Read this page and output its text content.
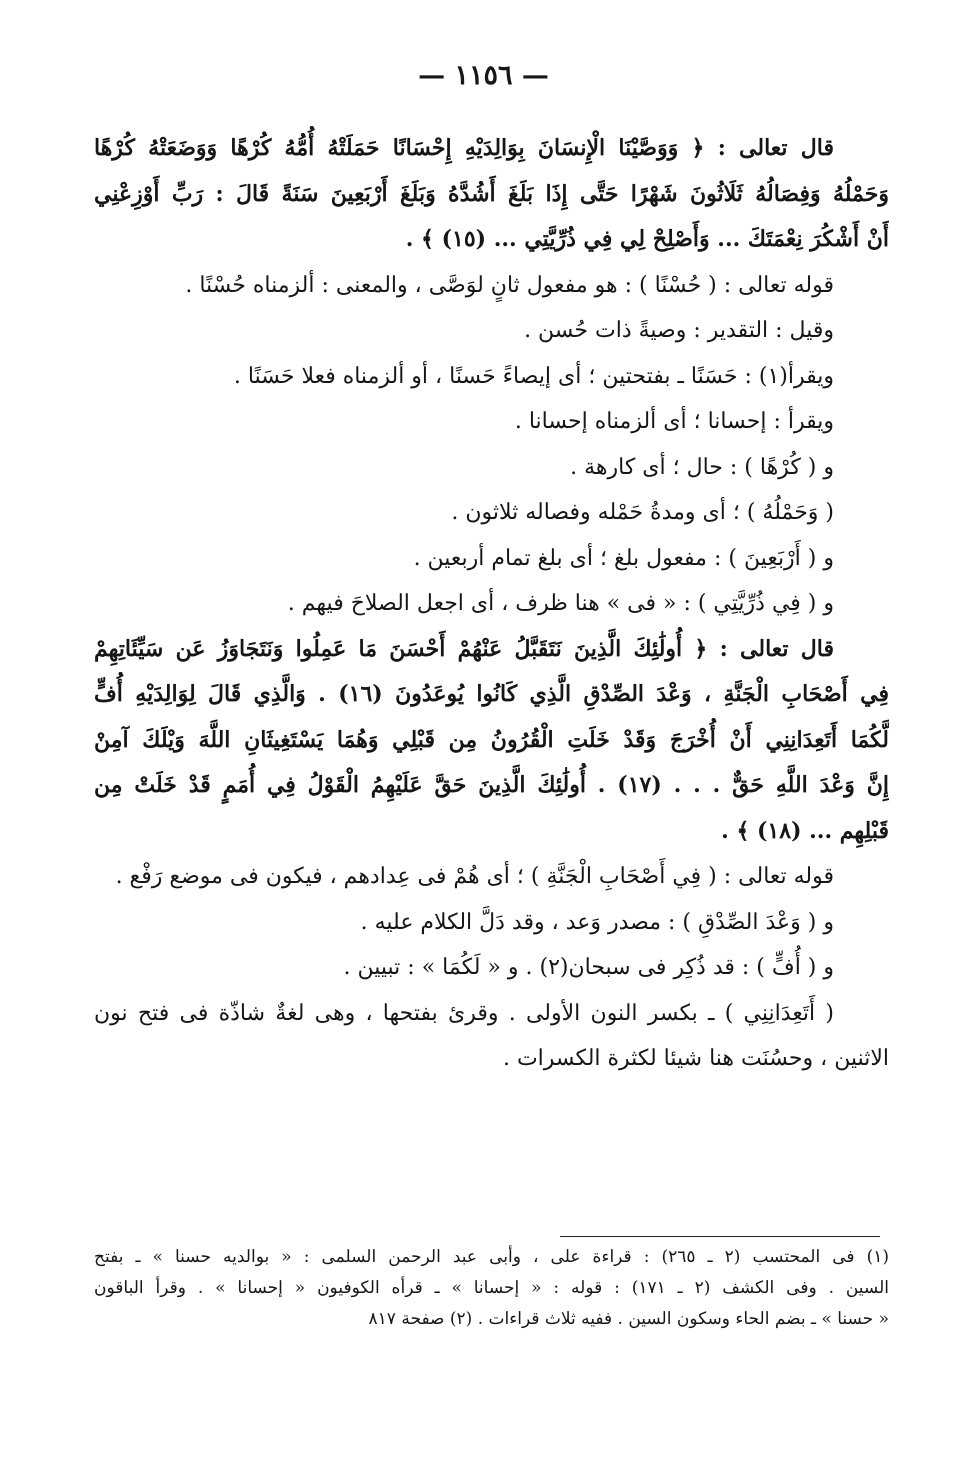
— ١١٥٦ —
قال تعالى : ﴿ وَوَصَّيْنَا الْإِنسَانَ بِوَالِدَيْهِ إِحْسَانًا حَمَلَتْهُ أُمُّهُ كُرْهًا وَوَضَعَتْهُ كُرْهًا
وَحَمْلُهُ وَفِصَالُهُ ثَلَاثُونَ شَهْرًا حَتَّى إِذَا بَلَغَ أَشُدَّهُ وَبَلَغَ أَرْبَعِينَ سَنَةً قَالَ : رَبِّ أَوْزِعْنِي
أَنْ أَشْكُرَ نِعْمَتَكَ ... وَأَصْلِحْ لِي فِي ذُرِّيَّتِي ... (١٥) ﴾ .
قوله تعالى : ( حُسْنًا ) : هو مفعول ثانٍ لوَصَّى ، والمعنى : ألزمناه حُسْنًا .
وقيل : التقدير : وصيةً ذات حُسن .
ويقرأ(١) : حَسَنًا ـ بفتحتين ؛ أى إيصاءً حَسنًا ، أو ألزمناه فعلا حَسَنًا .
ويقرأ : إحسانا ؛ أى ألزمناه إحسانا .
و ( كُرْهًا ) : حال ؛ أى كارهة .
( وَحَمْلُهُ ) ؛ أى ومدةُ حَمْله وفصاله ثلاثون .
و ( أَرْبَعِينَ ) : مفعول بلغ ؛ أى بلغ تمام أربعين .
و ( فِي ذُرِّيَّتِي ) : « فى » هنا ظرف ، أى اجعل الصلاحَ فيهم .
قال تعالى : ﴿ أُولَٰئِكَ الَّذِينَ نَتَقَبَّلُ عَنْهُمْ أَحْسَنَ مَا عَمِلُوا وَنَتَجَاوَزُ عَن سَيِّئَاتِهِمْ
فِي أَصْحَابِ الْجَنَّةِ ، وَعْدَ الصِّدْقِ الَّذِي كَانُوا يُوعَدُونَ (١٦) . وَالَّذِي قَالَ لِوَالِدَيْهِ أُفٍّ
لَّكُمَا أَتَعِدَانِنِي أَنْ أُخْرَجَ وَقَدْ خَلَتِ الْقُرُونُ مِن قَبْلِي وَهُمَا يَسْتَغِيثَانِ اللَّهَ وَيْلَكَ آمِنْ
إِنَّ وَعْدَ اللَّهِ حَقٌّ . . . (١٧) . أُولَٰئِكَ الَّذِينَ حَقَّ عَلَيْهِمُ الْقَوْلُ فِي أُمَمٍ قَدْ خَلَتْ مِن
قَبْلِهِم ... (١٨) ﴾ .
قوله تعالى : ( فِي أَصْحَابِ الْجَنَّةِ ) ؛ أى هُمْ فى عِدادهم ، فيكون فى موضع رَفْع .
و ( وَعْدَ الصِّدْقِ ) : مصدر وَعد ، وقد دَلَّ الكلام عليه .
و ( أُفٍّ ) : قد ذُكِر فى سبحان(٢) . و « لَكُمَا » : تبيين .
( أَتَعِدَانِنِي ) ـ بكسر النون الأولى . وقرئ بفتحها ، وهى لغةٌ شاذّة فى فتح نون
الاثنين ، وحسُنَت هنا شيئا لكثرة الكسرات .
(١) فى المحتسب (٢ ـ ٢٦٥) : قراءة على ، وأبى عبد الرحمن السلمى : « بوالديه حسنا » ـ بفتح
السين . وفى الكشف (٢ ـ ١٧١) : قوله : « إحسانا » ـ قرأه الكوفيون « إحسانا » . وقرأ الباقون
« حسنا » ـ بضم الحاء وسكون السين . ففيه ثلاث قراءات . (٢) صفحة ٨١٧
